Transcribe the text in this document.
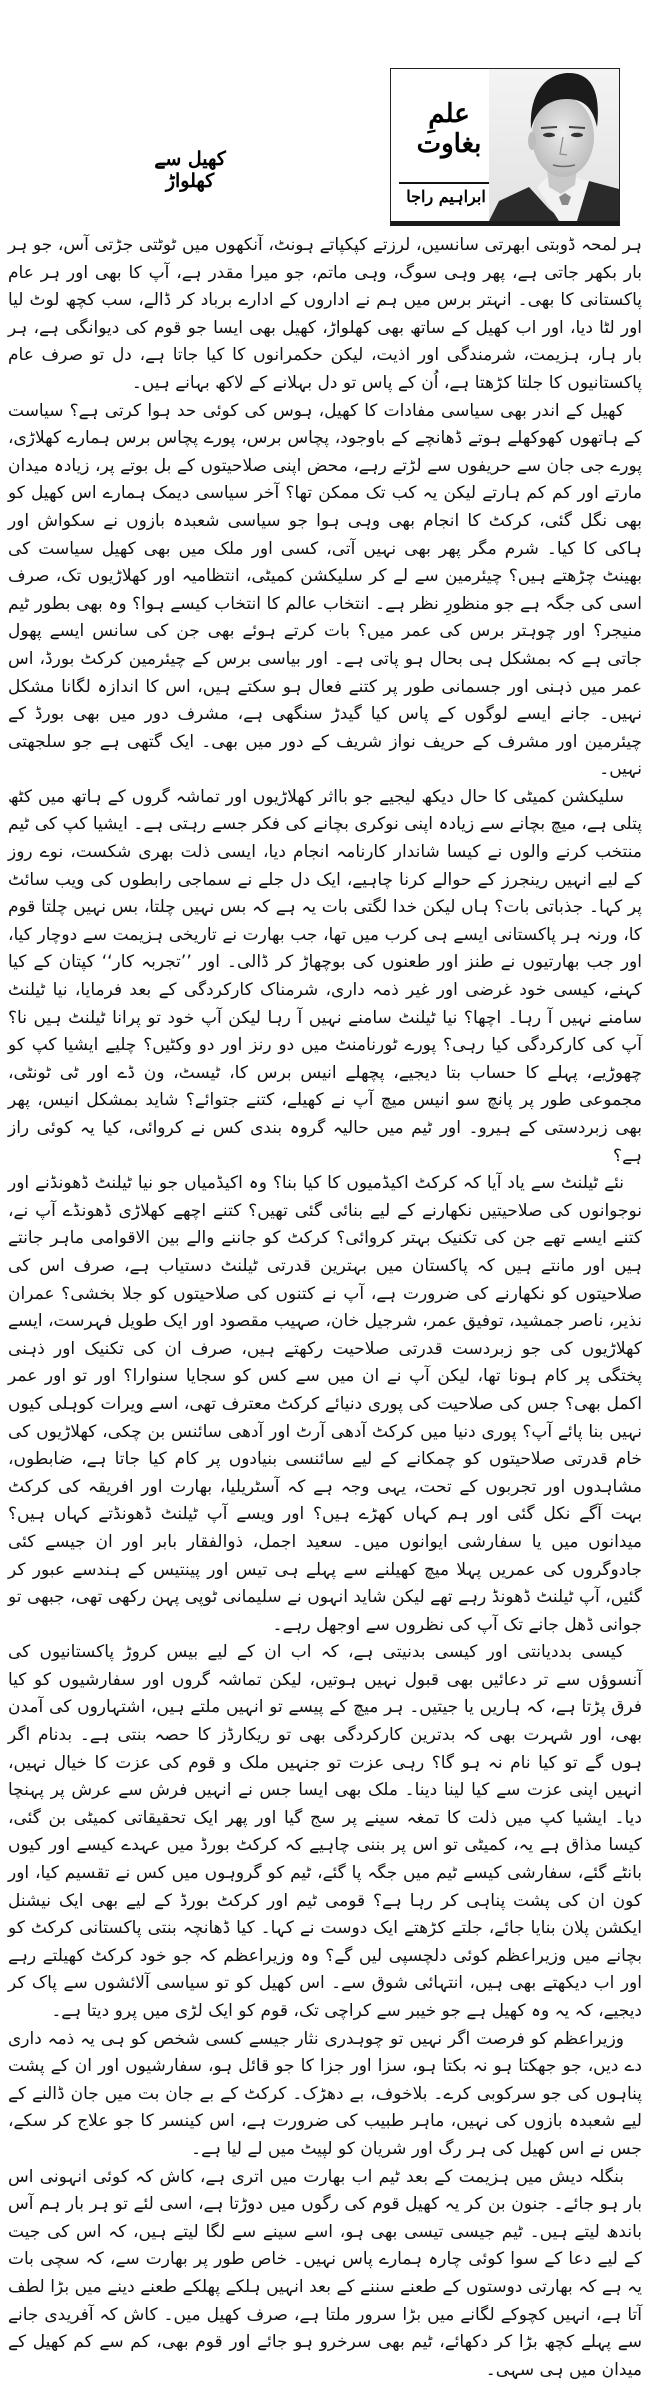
علمِ بغاوت
ابراہیم راجا
کھیل سے کھلواڑ

ہر لمحہ ڈوبتی ابھرتی سانسیں، لرزتے کپکپاتے ہونٹ، آنکھوں میں ٹوٹتی جڑتی آس، جو ہر بار بکھر جاتی ہے، پھر وہی سوگ، وہی ماتم، جو میرا مقدر ہے، آپ کا بھی اور ہر عام پاکستانی کا بھی۔ انہتر برس میں ہم نے اداروں کے ادارے برباد کر ڈالے، سب کچھ لوٹ لیا اور لٹا دیا، اور اب کھیل کے ساتھ بھی کھلواڑ، کھیل بھی ایسا جو قوم کی دیوانگی ہے، ہر بار ہار، ہزیمت، شرمندگی اور اذیت، لیکن حکمرانوں کا کیا جاتا ہے، دل تو صرف عام پاکستانیوں کا جلتا کڑھتا ہے، اُن کے پاس تو دل بہلانے کے لاکھ بہانے ہیں۔

کھیل کے اندر بھی سیاسی مفادات کا کھیل، ہوس کی کوئی حد ہوا کرتی ہے؟ سیاست کے ہاتھوں کھوکھلے ہوتے ڈھانچے کے باوجود، پچاس برس، پورے پچاس برس ہمارے کھلاڑی، پورے جی جان سے حریفوں سے لڑتے رہے، محض اپنی صلاحیتوں کے بل بوتے پر، زیادہ میدان مارتے اور کم کم ہارتے لیکن یہ کب تک ممکن تھا؟ آخر سیاسی دیمک ہمارے اس کھیل کو بھی نگل گئی، کرکٹ کا انجام بھی وہی ہوا جو سیاسی شعبدہ بازوں نے سکواش اور ہاکی کا کیا۔ شرم مگر پھر بھی نہیں آتی، کسی اور ملک میں بھی کھیل سیاست کی بھینٹ چڑھتے ہیں؟ چیئرمین سے لے کر سلیکشن کمیٹی، انتظامیہ اور کھلاڑیوں تک، صرف اسی کی جگہ ہے جو منظورِ نظر ہے۔ انتخاب عالم کا انتخاب کیسے ہوا؟ وہ بھی بطور ٹیم منیجر؟ اور چوہتر برس کی عمر میں؟ بات کرتے ہوئے بھی جن کی سانس ایسے پھول جاتی ہے کہ بمشکل ہی بحال ہو پاتی ہے۔ اور بیاسی برس کے چیئرمین کرکٹ بورڈ، اس عمر میں ذہنی اور جسمانی طور پر کتنے فعال ہو سکتے ہیں، اس کا اندازہ لگانا مشکل نہیں۔ جانے ایسے لوگوں کے پاس کیا گیدڑ سنگھی ہے، مشرف دور میں بھی بورڈ کے چیئرمین اور مشرف کے حریف نواز شریف کے دور میں بھی۔ ایک گتھی ہے جو سلجھتی نہیں۔

سلیکشن کمیٹی کا حال دیکھ لیجیے جو بااثر کھلاڑیوں اور تماشہ گروں کے ہاتھ میں کٹھ پتلی ہے، میچ بچانے سے زیادہ اپنی نوکری بچانے کی فکر جسے رہتی ہے۔ ایشیا کپ کی ٹیم منتخب کرنے والوں نے کیسا شاندار کارنامہ انجام دیا، ایسی ذلت بھری شکست، نوے روز کے لیے انہیں رینجرز کے حوالے کرنا چاہیے، ایک دل جلے نے سماجی رابطوں کی ویب سائٹ پر کہا۔ جذباتی بات؟ ہاں لیکن خدا لگتی بات یہ ہے کہ بس نہیں چلتا، بس نہیں چلتا قوم کا، ورنہ ہر پاکستانی ایسے ہی کرب میں تھا، جب بھارت نے تاریخی ہزیمت سے دوچار کیا، اور جب بھارتیوں نے طنز اور طعنوں کی بوچھاڑ کر ڈالی۔ اور ’’تجربہ کار‘‘ کپتان کے کیا کہنے، کیسی خود غرضی اور غیر ذمہ داری، شرمناک کارکردگی کے بعد فرمایا، نیا ٹیلنٹ سامنے نہیں آ رہا۔ اچھا؟ نیا ٹیلنٹ سامنے نہیں آ رہا لیکن آپ خود تو پرانا ٹیلنٹ ہیں نا؟ آپ کی کارکردگی کیا رہی؟ پورے ٹورنامنٹ میں دو رنز اور دو وکٹیں؟ چلیے ایشیا کپ کو چھوڑیے، پہلے کا حساب بتا دیجیے، پچھلے انیس برس کا، ٹیسٹ، ون ڈے اور ٹی ٹونٹی، مجموعی طور پر پانچ سو انیس میچ آپ نے کھیلے، کتنے جتوائے؟ شاید بمشکل انیس، پھر بھی زبردستی کے ہیرو۔ اور ٹیم میں حالیہ گروہ بندی کس نے کروائی، کیا یہ کوئی راز ہے؟

نئے ٹیلنٹ سے یاد آیا کہ کرکٹ اکیڈمیوں کا کیا بنا؟ وہ اکیڈمیاں جو نیا ٹیلنٹ ڈھونڈنے اور نوجوانوں کی صلاحیتیں نکھارنے کے لیے بنائی گئی تھیں؟ کتنے اچھے کھلاڑی ڈھونڈے آپ نے، کتنے ایسے تھے جن کی تکنیک بہتر کروائی؟ کرکٹ کو جاننے والے بین الاقوامی ماہر جانتے ہیں اور مانتے ہیں کہ پاکستان میں بہترین قدرتی ٹیلنٹ دستیاب ہے، صرف اس کی صلاحیتوں کو نکھارنے کی ضرورت ہے، آپ نے کتنوں کی صلاحیتوں کو جلا بخشی؟ عمران نذیر، ناصر جمشید، توفیق عمر، شرجیل خان، صہیب مقصود اور ایک طویل فہرست، ایسے کھلاڑیوں کی جو زبردست قدرتی صلاحیت رکھتے ہیں، صرف ان کی تکنیک اور ذہنی پختگی پر کام ہونا تھا، لیکن آپ نے ان میں سے کس کو سجایا سنوارا؟ اور تو اور عمر اکمل بھی؟ جس کی صلاحیت کی پوری دنیائے کرکٹ معترف تھی، اسے ویرات کوہلی کیوں نہیں بنا پائے آپ؟ پوری دنیا میں کرکٹ آدھی آرٹ اور آدھی سائنس بن چکی، کھلاڑیوں کی خام قدرتی صلاحیتوں کو چمکانے کے لیے سائنسی بنیادوں پر کام کیا جاتا ہے، ضابطوں، مشاہدوں اور تجربوں کے تحت، یہی وجہ ہے کہ آسٹریلیا، بھارت اور افریقہ کی کرکٹ بہت آگے نکل گئی اور ہم کہاں کھڑے ہیں؟ اور ویسے آپ ٹیلنٹ ڈھونڈتے کہاں ہیں؟ میدانوں میں یا سفارشی ایوانوں میں۔ سعید اجمل، ذوالفقار بابر اور ان جیسے کئی جادوگروں کی عمریں پہلا میچ کھیلنے سے پہلے ہی تیس اور پینتیس کے ہندسے عبور کر گئیں، آپ ٹیلنٹ ڈھونڈ رہے تھے لیکن شاید انہوں نے سلیمانی ٹوپی پہن رکھی تھی، جبھی تو جوانی ڈھل جانے تک آپ کی نظروں سے اوجھل رہے۔

کیسی بددیانتی اور کیسی بدنیتی ہے، کہ اب ان کے لیے بیس کروڑ پاکستانیوں کی آنسوؤں سے تر دعائیں بھی قبول نہیں ہوتیں، لیکن تماشہ گروں اور سفارشیوں کو کیا فرق پڑتا ہے، کہ ہاریں یا جیتیں۔ ہر میچ کے پیسے تو انہیں ملتے ہیں، اشتہاروں کی آمدن بھی، اور شہرت بھی کہ بدترین کارکردگی بھی تو ریکارڈز کا حصہ بنتی ہے۔ بدنام اگر ہوں گے تو کیا نام نہ ہو گا؟ رہی عزت تو جنہیں ملک و قوم کی عزت کا خیال نہیں، انہیں اپنی عزت سے کیا لینا دینا۔ ملک بھی ایسا جس نے انہیں فرش سے عرش پر پہنچا دیا۔ ایشیا کپ میں ذلت کا تمغہ سینے پر سج گیا اور پھر ایک تحقیقاتی کمیٹی بن گئی، کیسا مذاق ہے یہ، کمیٹی تو اس پر بننی چاہیے کہ کرکٹ بورڈ میں عہدے کیسے اور کیوں بانٹے گئے، سفارشی کیسے ٹیم میں جگہ پا گئے، ٹیم کو گروہوں میں کس نے تقسیم کیا، اور کون ان کی پشت پناہی کر رہا ہے؟ قومی ٹیم اور کرکٹ بورڈ کے لیے بھی ایک نیشنل ایکشن پلان بنایا جائے، جلتے کڑھتے ایک دوست نے کہا۔ کیا ڈھانچہ بنتی پاکستانی کرکٹ کو بچانے میں وزیراعظم کوئی دلچسپی لیں گے؟ وہ وزیراعظم کہ جو خود کرکٹ کھیلتے رہے اور اب دیکھتے بھی ہیں، انتہائی شوق سے۔ اس کھیل کو تو سیاسی آلائشوں سے پاک کر دیجیے، کہ یہ وہ کھیل ہے جو خیبر سے کراچی تک، قوم کو ایک لڑی میں پرو دیتا ہے۔

وزیراعظم کو فرصت اگر نہیں تو چوہدری نثار جیسے کسی شخص کو ہی یہ ذمہ داری دے دیں، جو جھکتا ہو نہ بکتا ہو، سزا اور جزا کا جو قائل ہو، سفارشیوں اور ان کے پشت پناہوں کی جو سرکوبی کرے۔ بلاخوف، بے دھڑک۔ کرکٹ کے بے جان بت میں جان ڈالنے کے لیے شعبدہ بازوں کی نہیں، ماہر طبیب کی ضرورت ہے، اس کینسر کا جو علاج کر سکے، جس نے اس کھیل کی ہر رگ اور شریان کو لپیٹ میں لے لیا ہے۔

بنگلہ دیش میں ہزیمت کے بعد ٹیم اب بھارت میں اتری ہے، کاش کہ کوئی انہونی اس بار ہو جائے۔ جنون بن کر یہ کھیل قوم کی رگوں میں دوڑتا ہے، اسی لئے تو ہر بار ہم آس باندھ لیتے ہیں۔ ٹیم جیسی تیسی بھی ہو، اسے سینے سے لگا لیتے ہیں، کہ اس کی جیت کے لیے دعا کے سوا کوئی چارہ ہمارے پاس نہیں۔ خاص طور پر بھارت سے، کہ سچی بات یہ ہے کہ بھارتی دوستوں کے طعنے سننے کے بعد انہیں ہلکے پھلکے طعنے دینے میں بڑا لطف آتا ہے، انہیں کچوکے لگانے میں بڑا سرور ملتا ہے، صرف کھیل میں۔ کاش کہ آفریدی جانے سے پہلے کچھ بڑا کر دکھائے، ٹیم بھی سرخرو ہو جائے اور قوم بھی، کم سے کم کھیل کے میدان میں ہی سہی۔
